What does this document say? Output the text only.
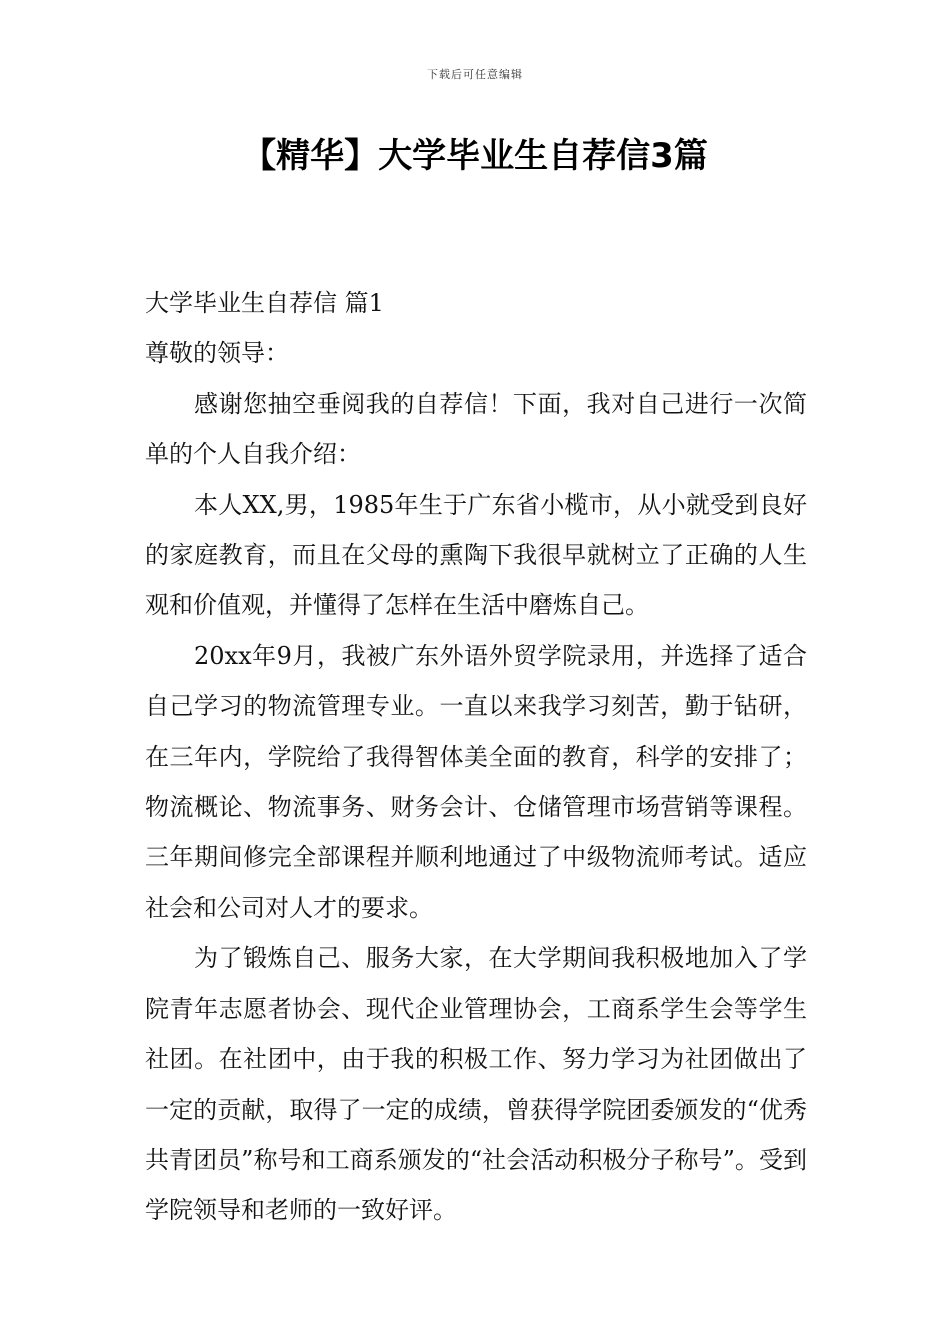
下载后可任意编辑
【精华】大学毕业生自荐信3篇

大学毕业生自荐信 篇1

尊敬的领导：

感谢您抽空垂阅我的自荐信！下面，我对自己进行一次简单的个人自我介绍：

本人XX,男，1985年生于广东省小榄市，从小就受到良好的家庭教育，而且在父母的熏陶下我很早就树立了正确的人生观和价值观，并懂得了怎样在生活中磨炼自己。

20xx年9月，我被广东外语外贸学院录用，并选择了适合自己学习的物流管理专业。一直以来我学习刻苦，勤于钻研，在三年内，学院给了我得智体美全面的教育，科学的安排了；物流概论、物流事务、财务会计、仓储管理市场营销等课程。三年期间修完全部课程并顺利地通过了中级物流师考试。适应社会和公司对人才的要求。

为了锻炼自己、服务大家，在大学期间我积极地加入了学院青年志愿者协会、现代企业管理协会，工商系学生会等学生社团。在社团中，由于我的积极工作、努力学习为社团做出了一定的贡献，取得了一定的成绩，曾获得学院团委颁发的“优秀共青团员”称号和工商系颁发的“社会活动积极分子称号”。受到学院领导和老师的一致好评。
